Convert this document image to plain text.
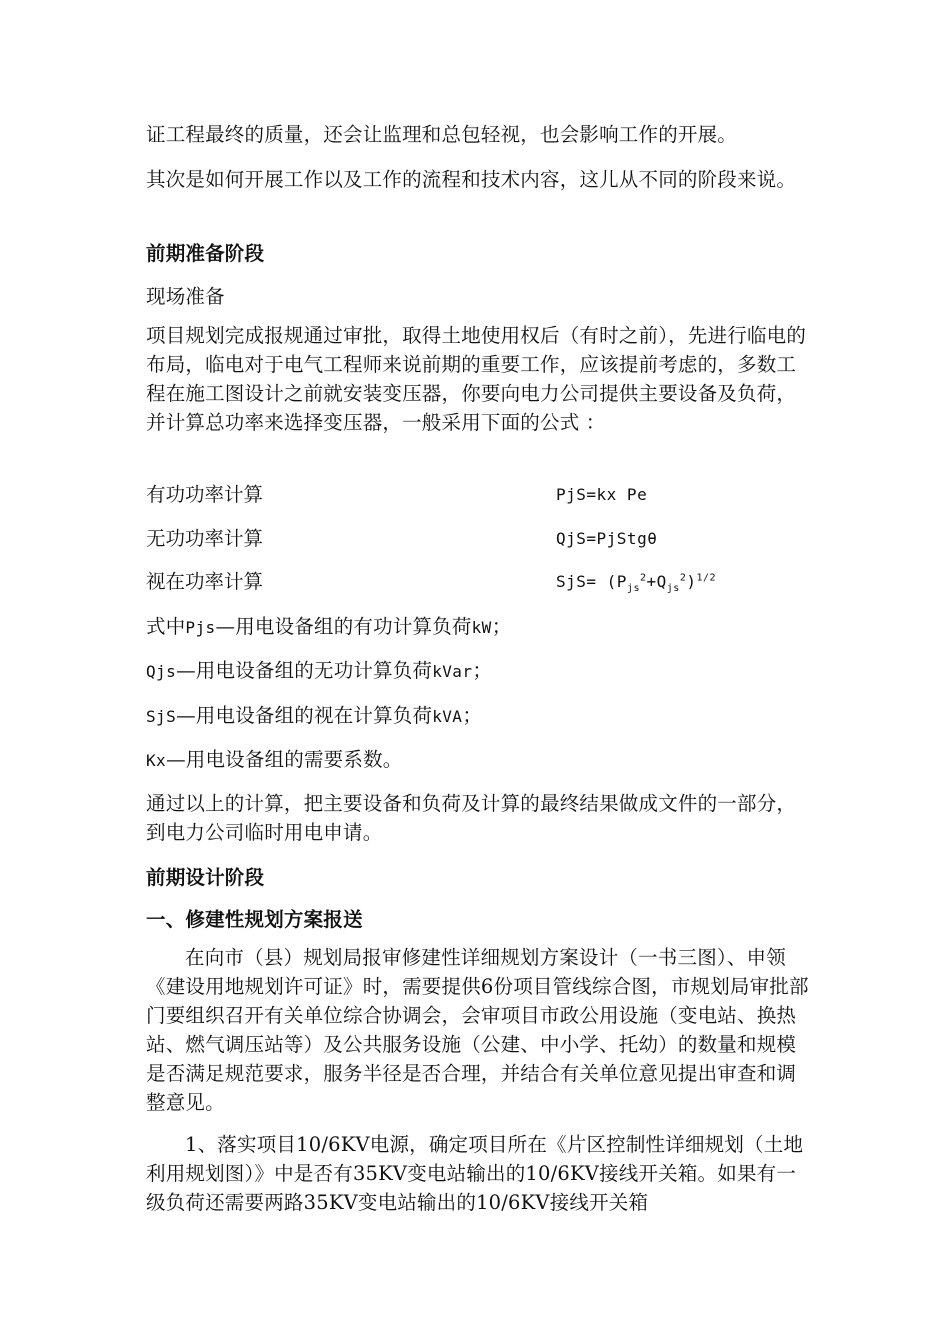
证工程最终的质量，还会让监理和总包轻视，也会影响工作的开展。
其次是如何开展工作以及工作的流程和技术内容，这儿从不同的阶段来说。
前期准备阶段
现场准备
项目规划完成报规通过审批，取得土地使用权后（有时之前），先进行临电的布局，临电对于电气工程师来说前期的重要工作，应该提前考虑的，多数工程在施工图设计之前就安装变压器，你要向电力公司提供主要设备及负荷，并计算总功率来选择变压器，一般采用下面的公式 ：
有功功率计算	PjS=kx Pe
无功功率计算	QjS=PjStgθ
视在功率计算	$SjS= (P_{js}^2+Q_{js}^2)^{1/2}$
式中Pjs—用电设备组的有功计算负荷kW；
Qjs—用电设备组的无功计算负荷kVar；
SjS—用电设备组的视在计算负荷kVA；
Kx—用电设备组的需要系数。
通过以上的计算，把主要设备和负荷及计算的最终结果做成文件的一部分，到电力公司临时用电申请。
前期设计阶段
一、修建性规划方案报送
在向市（县）规划局报审修建性详细规划方案设计（一书三图）、申领《建设用地规划许可证》时，需要提供6份项目管线综合图，市规划局审批部门要组织召开有关单位综合协调会，会审项目市政公用设施（变电站、换热站、燃气调压站等）及公共服务设施（公建、中小学、托幼）的数量和规模是否满足规范要求，服务半径是否合理，并结合有关单位意见提出审查和调整意见。
1、落实项目10/6KV电源，确定项目所在《片区控制性详细规划（土地利用规划图）》中是否有35KV变电站输出的10/6KV接线开关箱。如果有一级负荷还需要两路35KV变电站输出的10/6KV接线开关箱
